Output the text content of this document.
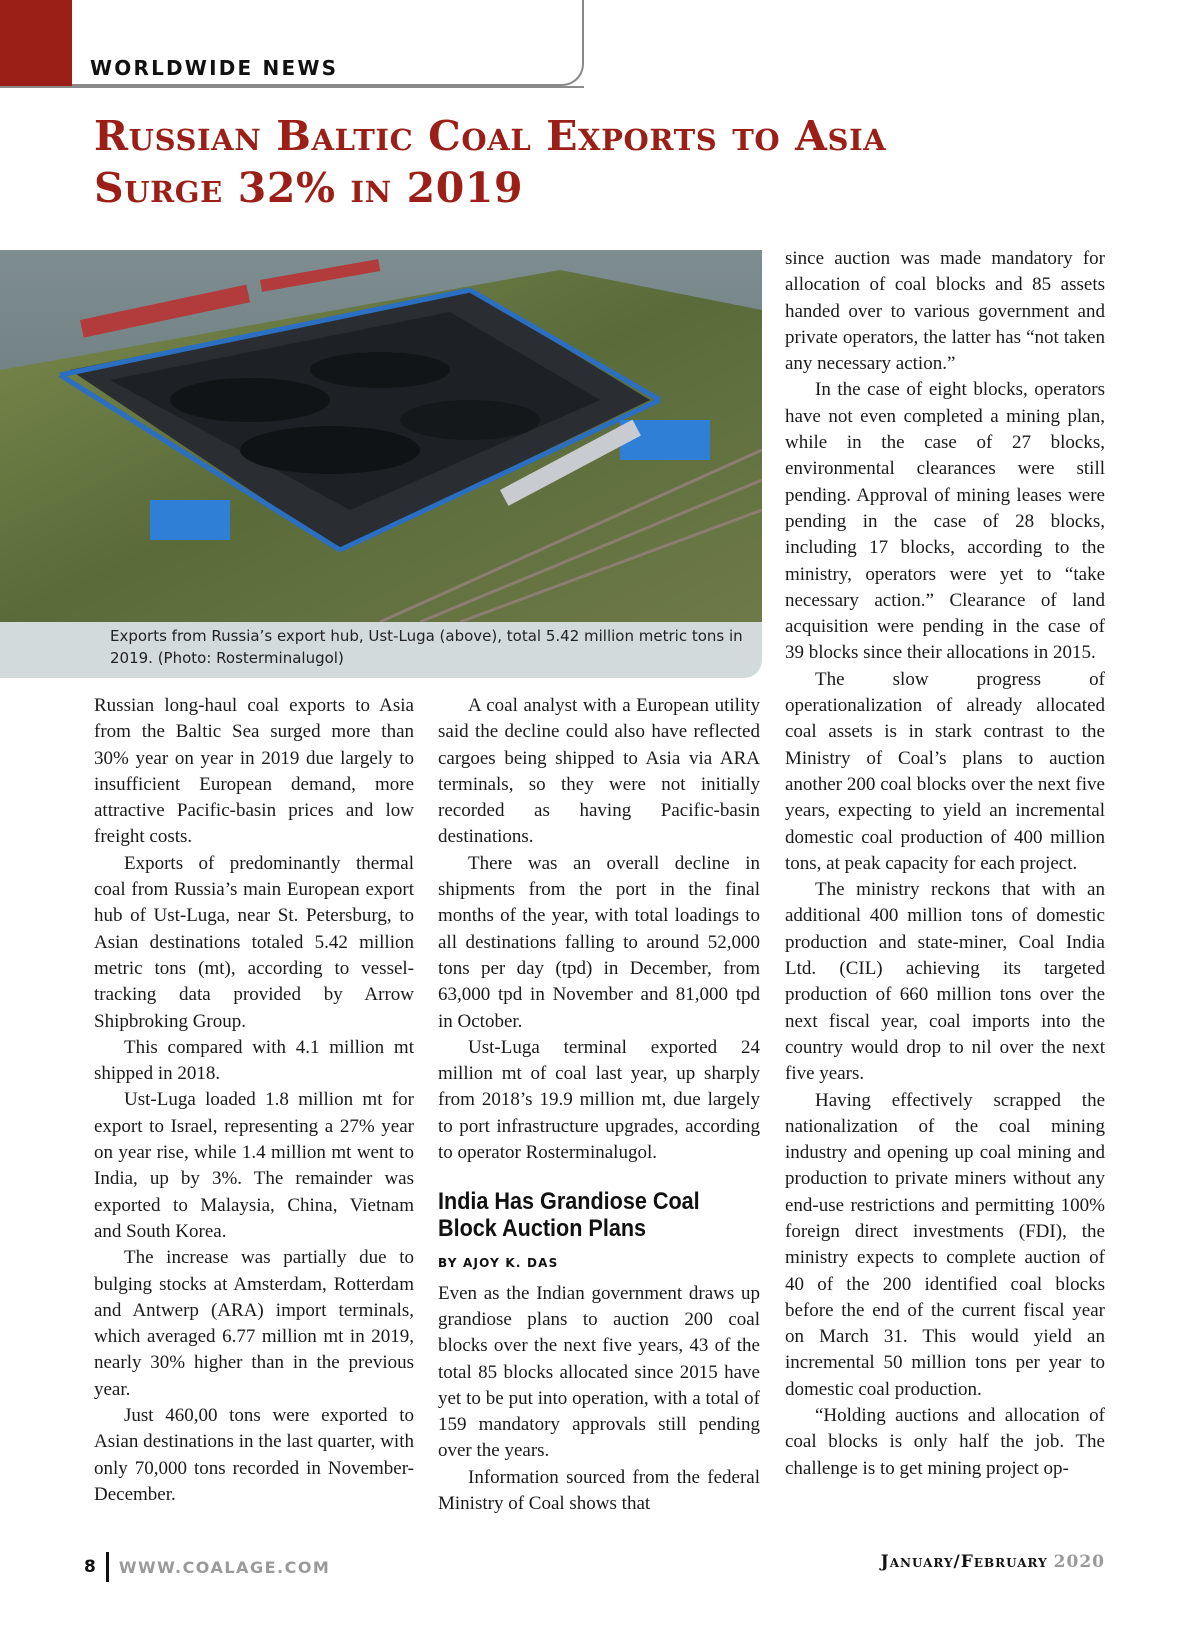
WORLDWIDE NEWS
Russian Baltic Coal Exports to Asia Surge 32% in 2019
Exports from Russia’s export hub, Ust-Luga (above), total 5.42 million metric tons in 2019. (Photo: Rosterminalugol)

Russian long-haul coal exports to Asia from the Baltic Sea surged more than 30% year on year in 2019 due largely to insufficient European demand, more attractive Pacific-basin prices and low freight costs.

Exports of predominantly thermal coal from Russia’s main European export hub of Ust-Luga, near St. Petersburg, to Asian destinations totaled 5.42 million metric tons (mt), according to vessel-tracking data provided by Arrow Shipbroking Group.

This compared with 4.1 million mt shipped in 2018.

Ust-Luga loaded 1.8 million mt for export to Israel, representing a 27% year on year rise, while 1.4 million mt went to India, up by 3%. The remainder was exported to Malaysia, China, Vietnam and South Korea.

The increase was partially due to bulging stocks at Amsterdam, Rotterdam and Antwerp (ARA) import terminals, which averaged 6.77 million mt in 2019, nearly 30% higher than in the previous year.

Just 460,00 tons were exported to Asian destinations in the last quarter, with only 70,000 tons recorded in November-December.

A coal analyst with a European utility said the decline could also have reflected cargoes being shipped to Asia via ARA terminals, so they were not initially recorded as having Pacific-basin destinations.

There was an overall decline in shipments from the port in the final months of the year, with total loadings to all destinations falling to around 52,000 tons per day (tpd) in December, from 63,000 tpd in November and 81,000 tpd in October.

Ust-Luga terminal exported 24 million mt of coal last year, up sharply from 2018’s 19.9 million mt, due largely to port infrastructure upgrades, according to operator Rosterminalugol.

India Has Grandiose Coal Block Auction Plans
BY AJOY K. DAS

Even as the Indian government draws up grandiose plans to auction 200 coal blocks over the next five years, 43 of the total 85 blocks allocated since 2015 have yet to be put into operation, with a total of 159 mandatory approvals still pending over the years.

Information sourced from the federal Ministry of Coal shows that

since auction was made mandatory for allocation of coal blocks and 85 assets handed over to various government and private operators, the latter has “not taken any necessary action.”

In the case of eight blocks, operators have not even completed a mining plan, while in the case of 27 blocks, environmental clearances were still pending. Approval of mining leases were pending in the case of 28 blocks, including 17 blocks, according to the ministry, operators were yet to “take necessary action.” Clearance of land acquisition were pending in the case of 39 blocks since their allocations in 2015.

The slow progress of operationalization of already allocated coal assets is in stark contrast to the Ministry of Coal’s plans to auction another 200 coal blocks over the next five years, expecting to yield an incremental domestic coal production of 400 million tons, at peak capacity for each project.

The ministry reckons that with an additional 400 million tons of domestic production and state-miner, Coal India Ltd. (CIL) achieving its targeted production of 660 million tons over the next fiscal year, coal imports into the country would drop to nil over the next five years.

Having effectively scrapped the nationalization of the coal mining industry and opening up coal mining and production to private miners without any end-use restrictions and permitting 100% foreign direct investments (FDI), the ministry expects to complete auction of 40 of the 200 identified coal blocks before the end of the current fiscal year on March 31. This would yield an incremental 50 million tons per year to domestic coal production.

“Holding auctions and allocation of coal blocks is only half the job. The challenge is to get mining project op-

8 WWW.COALAGE.COM	January/February 2020
